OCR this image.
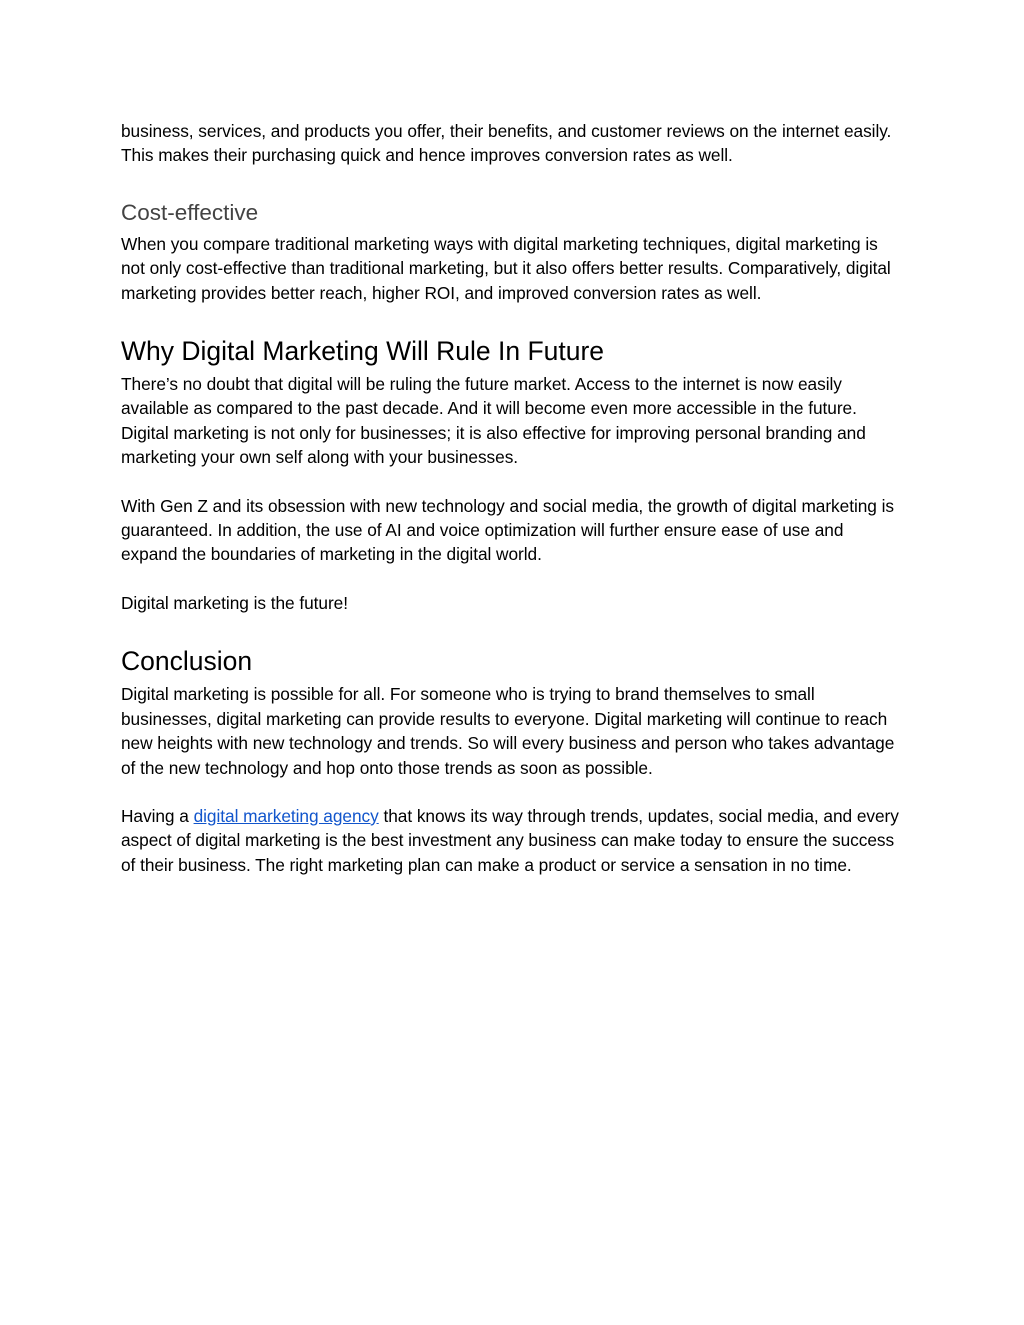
business, services, and products you offer, their benefits, and customer reviews on the internet easily. This makes their purchasing quick and hence improves conversion rates as well.

Cost-effective

When you compare traditional marketing ways with digital marketing techniques, digital marketing is not only cost-effective than traditional marketing, but it also offers better results. Comparatively, digital marketing provides better reach, higher ROI, and improved conversion rates as well.

Why Digital Marketing Will Rule In Future

There’s no doubt that digital will be ruling the future market. Access to the internet is now easily available as compared to the past decade. And it will become even more accessible in the future. Digital marketing is not only for businesses; it is also effective for improving personal branding and marketing your own self along with your businesses.

With Gen Z and its obsession with new technology and social media, the growth of digital marketing is guaranteed. In addition, the use of AI and voice optimization will further ensure ease of use and expand the boundaries of marketing in the digital world.

Digital marketing is the future!

Conclusion

Digital marketing is possible for all. For someone who is trying to brand themselves to small businesses, digital marketing can provide results to everyone. Digital marketing will continue to reach new heights with new technology and trends. So will every business and person who takes advantage of the new technology and hop onto those trends as soon as possible.

Having a digital marketing agency that knows its way through trends, updates, social media, and every aspect of digital marketing is the best investment any business can make today to ensure the success of their business. The right marketing plan can make a product or service a sensation in no time.
